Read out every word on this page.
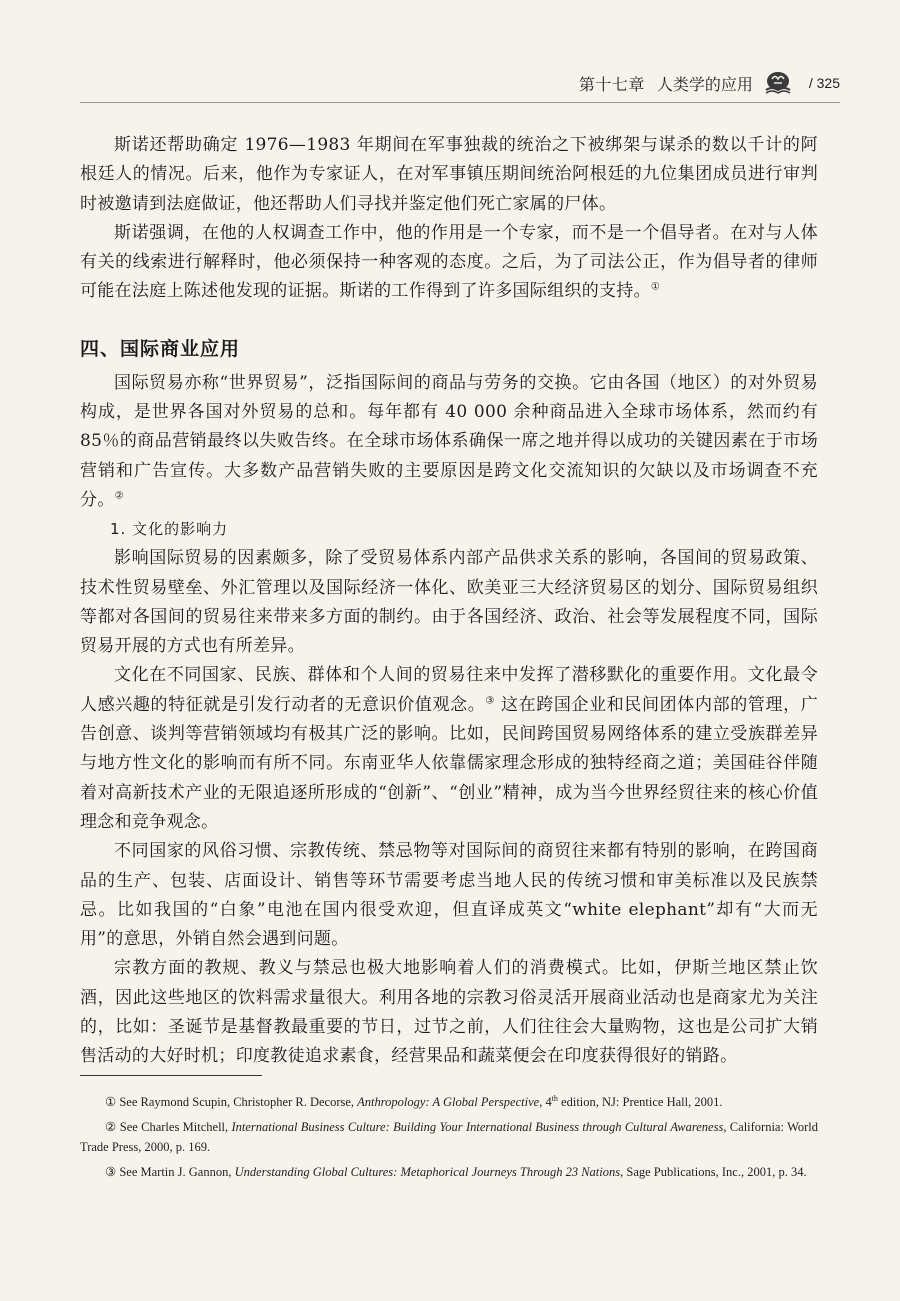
第十七章 人类学的应用	/ 325

斯诺还帮助确定 1976—1983 年期间在军事独裁的统治之下被绑架与谋杀的数以千计的阿根廷人的情况。后来，他作为专家证人，在对军事镇压期间统治阿根廷的九位集团成员进行审判时被邀请到法庭做证，他还帮助人们寻找并鉴定他们死亡家属的尸体。

斯诺强调，在他的人权调查工作中，他的作用是一个专家，而不是一个倡导者。在对与人体有关的线索进行解释时，他必须保持一种客观的态度。之后，为了司法公正，作为倡导者的律师可能在法庭上陈述他发现的证据。斯诺的工作得到了许多国际组织的支持。①

四、国际商业应用

国际贸易亦称“世界贸易”，泛指国际间的商品与劳务的交换。它由各国（地区）的对外贸易构成，是世界各国对外贸易的总和。每年都有 40 000 余种商品进入全球市场体系，然而约有 85％的商品营销最终以失败告终。在全球市场体系确保一席之地并得以成功的关键因素在于市场营销和广告宣传。大多数产品营销失败的主要原因是跨文化交流知识的欠缺以及市场调查不充分。②

1. 文化的影响力

影响国际贸易的因素颇多，除了受贸易体系内部产品供求关系的影响，各国间的贸易政策、技术性贸易壁垒、外汇管理以及国际经济一体化、欧美亚三大经济贸易区的划分、国际贸易组织等都对各国间的贸易往来带来多方面的制约。由于各国经济、政治、社会等发展程度不同，国际贸易开展的方式也有所差异。

文化在不同国家、民族、群体和个人间的贸易往来中发挥了潜移默化的重要作用。文化最令人感兴趣的特征就是引发行动者的无意识价值观念。③ 这在跨国企业和民间团体内部的管理，广告创意、谈判等营销领域均有极其广泛的影响。比如，民间跨国贸易网络体系的建立受族群差异与地方性文化的影响而有所不同。东南亚华人依靠儒家理念形成的独特经商之道；美国硅谷伴随着对高新技术产业的无限追逐所形成的“创新”、“创业”精神，成为当今世界经贸往来的核心价值理念和竞争观念。

不同国家的风俗习惯、宗教传统、禁忌物等对国际间的商贸往来都有特别的影响，在跨国商品的生产、包装、店面设计、销售等环节需要考虑当地人民的传统习惯和审美标准以及民族禁忌。比如我国的“白象”电池在国内很受欢迎，但直译成英文“white elephant”却有“大而无用”的意思，外销自然会遇到问题。

宗教方面的教规、教义与禁忌也极大地影响着人们的消费模式。比如，伊斯兰地区禁止饮酒，因此这些地区的饮料需求量很大。利用各地的宗教习俗灵活开展商业活动也是商家尤为关注的，比如：圣诞节是基督教最重要的节日，过节之前，人们往往会大量购物，这也是公司扩大销售活动的大好时机；印度教徒追求素食，经营果品和蔬菜便会在印度获得很好的销路。

① See Raymond Scupin, Christopher R. Decorse, Anthropology: A Global Perspective, 4th edition, NJ: Prentice Hall, 2001.

② See Charles Mitchell, International Business Culture: Building Your International Business through Cultural Awareness, California: World Trade Press, 2000, p. 169.

③ See Martin J. Gannon, Understanding Global Cultures: Metaphorical Journeys Through 23 Nations, Sage Publications, Inc., 2001, p. 34.
